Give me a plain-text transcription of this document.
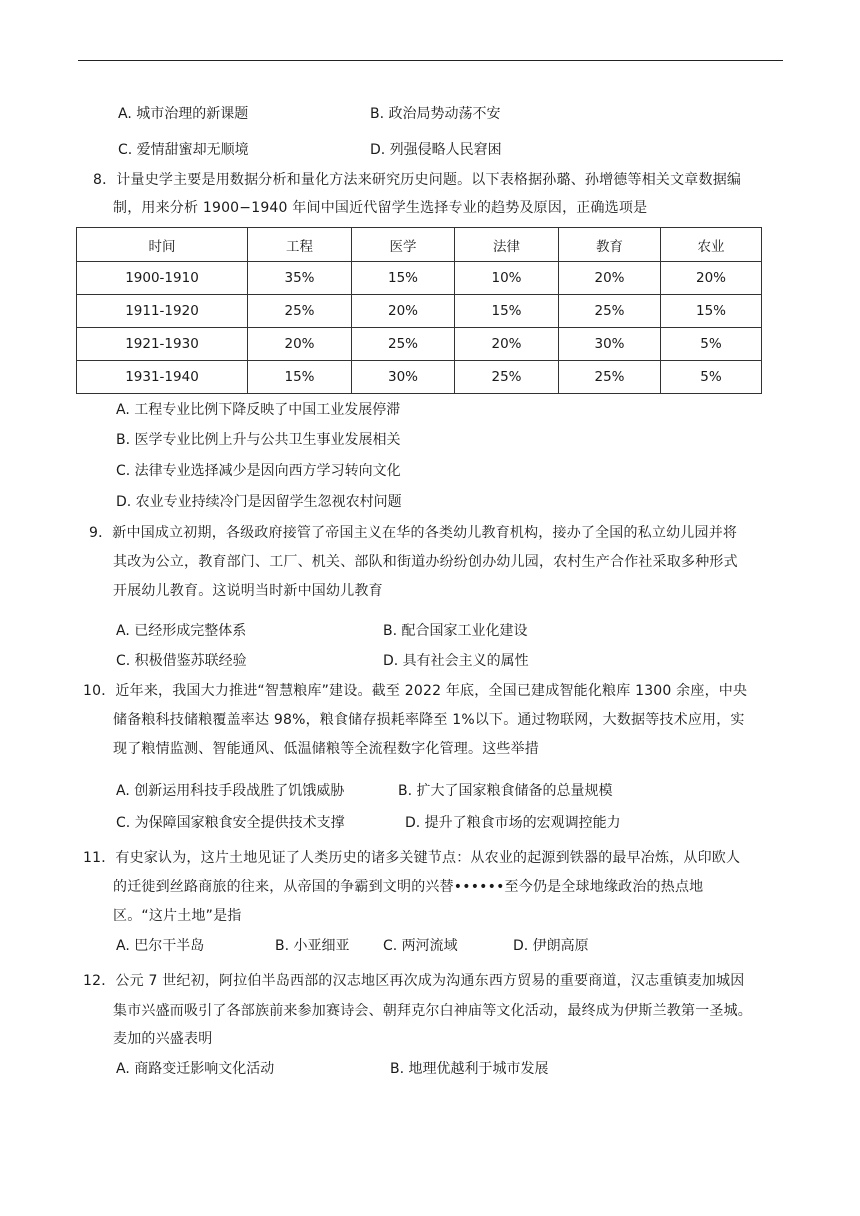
A. 城市治理的新课题	B. 政治局势动荡不安
C. 爱情甜蜜却无顺境	D. 列强侵略人民窘困
8．计量史学主要是用数据分析和量化方法来研究历史问题。以下表格据孙璐、孙增德等相关文章数据编
制，用来分析 1900−1940 年间中国近代留学生选择专业的趋势及原因，正确选项是
时间	工程	医学	法律	教育	农业
1900-1910	35%	15%	10%	20%	20%
1911-1920	25%	20%	15%	25%	15%
1921-1930	20%	25%	20%	30%	5%
1931-1940	15%	30%	25%	25%	5%
A. 工程专业比例下降反映了中国工业发展停滞
B. 医学专业比例上升与公共卫生事业发展相关
C. 法律专业选择减少是因向西方学习转向文化
D. 农业专业持续冷门是因留学生忽视农村问题
9．新中国成立初期，各级政府接管了帝国主义在华的各类幼儿教育机构，接办了全国的私立幼儿园并将
其改为公立，教育部门、工厂、机关、部队和街道办纷纷创办幼儿园，农村生产合作社采取多种形式
开展幼儿教育。这说明当时新中国幼儿教育
A. 已经形成完整体系	B. 配合国家工业化建设
C. 积极借鉴苏联经验	D. 具有社会主义的属性
10．近年来，我国大力推进“智慧粮库”建设。截至 2022 年底，全国已建成智能化粮库 1300 余座，中央
储备粮科技储粮覆盖率达 98%，粮食储存损耗率降至 1%以下。通过物联网，大数据等技术应用，实
现了粮情监测、智能通风、低温储粮等全流程数字化管理。这些举措
A. 创新运用科技手段战胜了饥饿威胁	B. 扩大了国家粮食储备的总量规模
C. 为保障国家粮食安全提供技术支撑	D. 提升了粮食市场的宏观调控能力
11．有史家认为，这片土地见证了人类历史的诸多关键节点：从农业的起源到铁器的最早冶炼，从印欧人
的迁徙到丝路商旅的往来，从帝国的争霸到文明的兴替••••••至今仍是全球地缘政治的热点地
区。“这片土地”是指
A. 巴尔干半岛	B. 小亚细亚 C. 两河流域	D. 伊朗高原
12．公元 7 世纪初，阿拉伯半岛西部的汉志地区再次成为沟通东西方贸易的重要商道，汉志重镇麦加城因
集市兴盛而吸引了各部族前来参加赛诗会、朝拜克尔白神庙等文化活动，最终成为伊斯兰教第一圣城。
麦加的兴盛表明
A. 商路变迁影响文化活动	B. 地理优越利于城市发展
